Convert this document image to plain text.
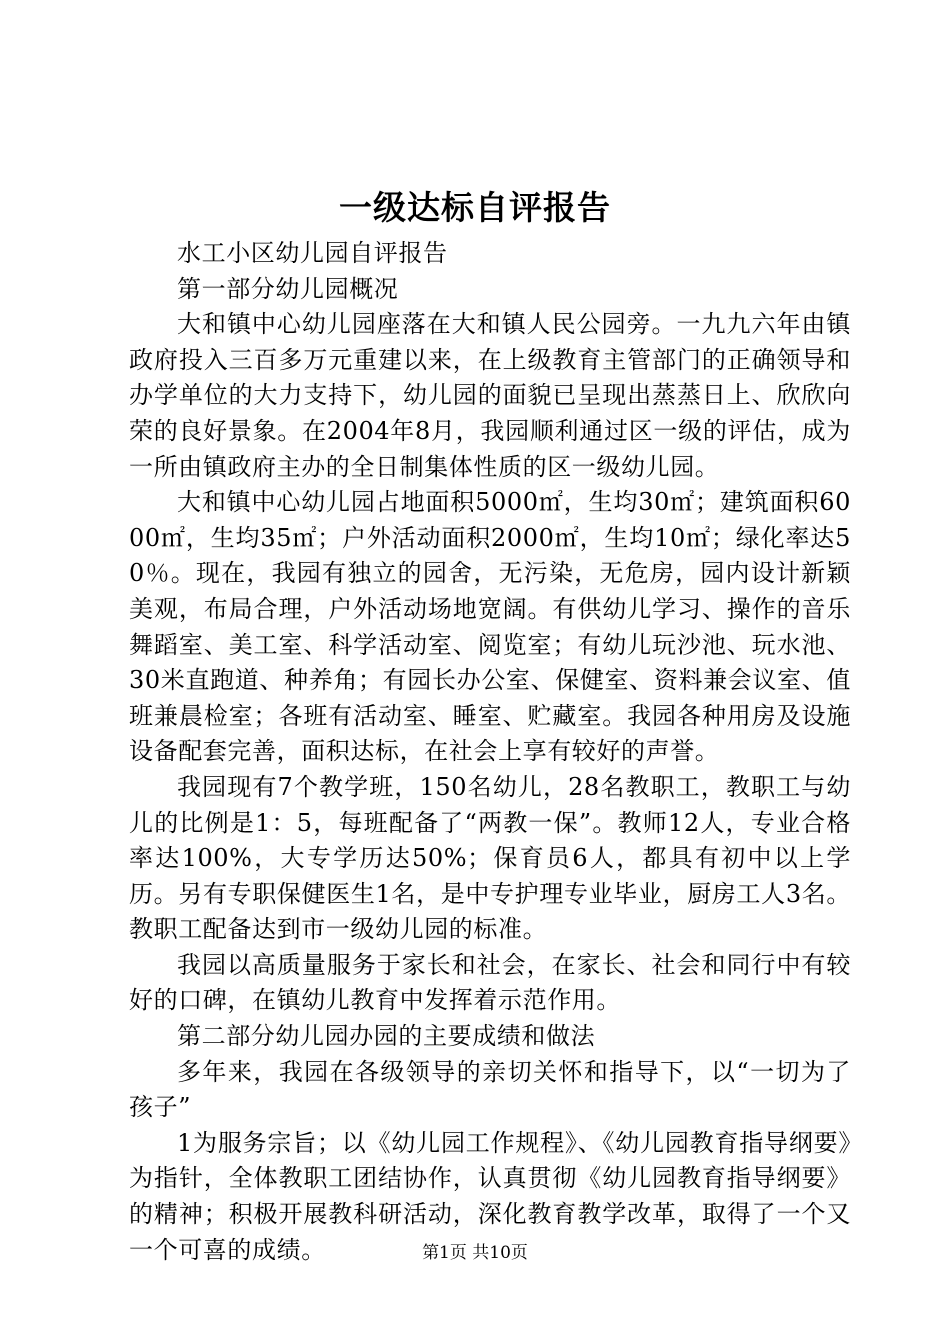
一级达标自评报告

水工小区幼儿园自评报告

第一部分幼儿园概况

大和镇中心幼儿园座落在大和镇人民公园旁。一九九六年由镇政府投入三百多万元重建以来，在上级教育主管部门的正确领导和办学单位的大力支持下，幼儿园的面貌已呈现出蒸蒸日上、欣欣向荣的良好景象。在2004年8月，我园顺利通过区一级的评估，成为一所由镇政府主办的全日制集体性质的区一级幼儿园。

大和镇中心幼儿园占地面积5000㎡，生均30㎡；建筑面积6000㎡，生均35㎡；户外活动面积2000㎡，生均10㎡；绿化率达50％。现在，我园有独立的园舍，无污染，无危房，园内设计新颖美观，布局合理，户外活动场地宽阔。有供幼儿学习、操作的音乐舞蹈室、美工室、科学活动室、阅览室；有幼儿玩沙池、玩水池、30米直跑道、种养角；有园长办公室、保健室、资料兼会议室、值班兼晨检室；各班有活动室、睡室、贮藏室。我园各种用房及设施设备配套完善，面积达标，在社会上享有较好的声誉。

我园现有7个教学班，150名幼儿，28名教职工，教职工与幼儿的比例是1：5，每班配备了“两教一保”。教师12人，专业合格率达100%，大专学历达50%；保育员6人，都具有初中以上学历。另有专职保健医生1名，是中专护理专业毕业，厨房工人3名。教职工配备达到市一级幼儿园的标准。

我园以高质量服务于家长和社会，在家长、社会和同行中有较好的口碑，在镇幼儿教育中发挥着示范作用。

第二部分幼儿园办园的主要成绩和做法

多年来，我园在各级领导的亲切关怀和指导下，以“一切为了孩子”

1为服务宗旨；以《幼儿园工作规程》、《幼儿园教育指导纲要》为指针，全体教职工团结协作，认真贯彻《幼儿园教育指导纲要》的精神；积极开展教科研活动，深化教育教学改革，取得了一个又一个可喜的成绩。	第1页 共10页
